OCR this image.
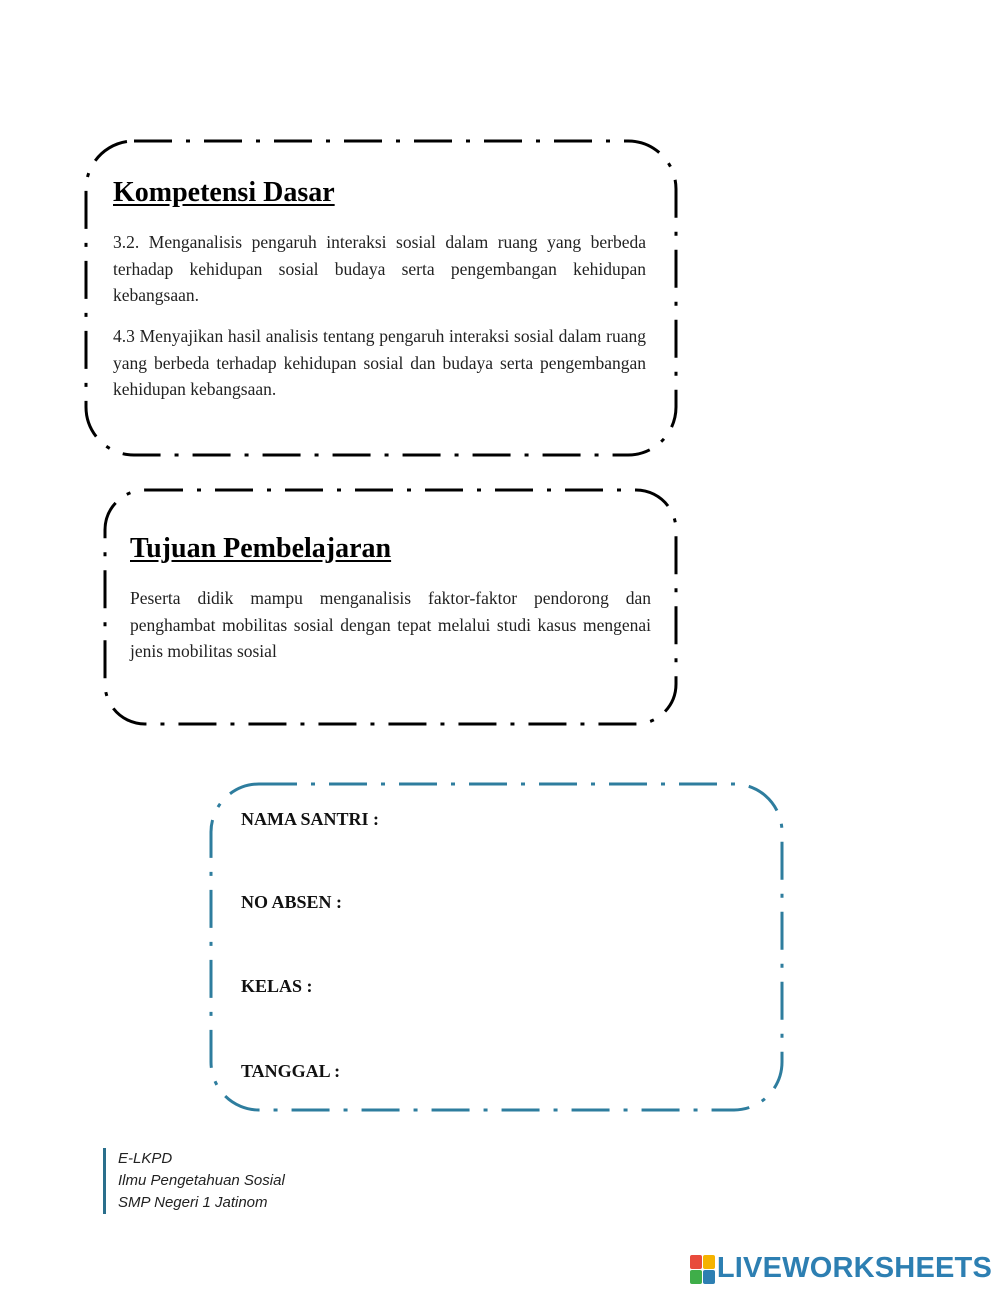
Kompetensi Dasar

3.2. Menganalisis pengaruh interaksi sosial dalam ruang yang berbeda terhadap kehidupan sosial budaya serta pengembangan kehidupan kebangsaan.

4.3 Menyajikan hasil analisis tentang pengaruh interaksi sosial dalam ruang yang berbeda terhadap kehidupan sosial dan budaya serta pengembangan kehidupan kebangsaan.

Tujuan Pembelajaran

Peserta didik mampu menganalisis faktor-faktor pendorong dan penghambat mobilitas sosial dengan tepat melalui studi kasus mengenai jenis mobilitas sosial

NAMA SANTRI :
NO ABSEN :
KELAS :
TANGGAL :
E-LKPD
Ilmu Pengetahuan Sosial
SMP Negeri 1 Jatinom
LIVEWORKSHEETS
